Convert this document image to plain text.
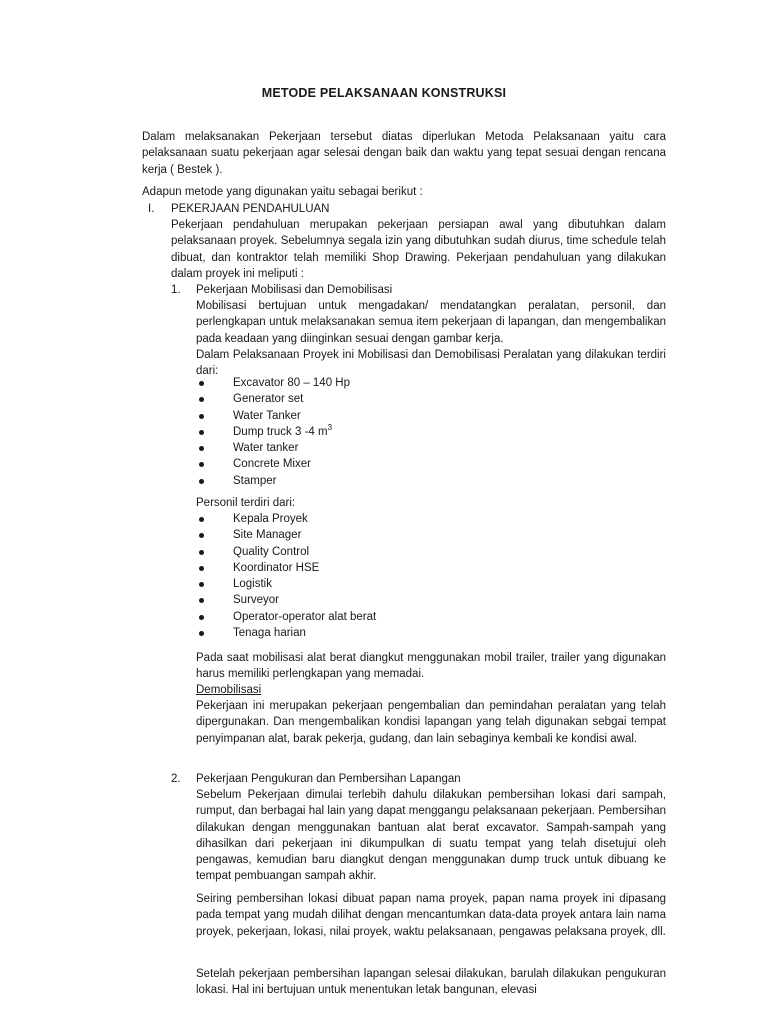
METODE PELAKSANAAN KONSTRUKSI
Dalam melaksanakan Pekerjaan tersebut diatas diperlukan Metoda Pelaksanaan yaitu cara pelaksanaan suatu pekerjaan agar selesai dengan baik dan waktu yang tepat sesuai dengan rencana kerja ( Bestek ).
Adapun metode yang digunakan yaitu sebagai berikut :
I. PEKERJAAN PENDAHULUAN
Pekerjaan pendahuluan merupakan pekerjaan persiapan awal yang dibutuhkan dalam pelaksanaan proyek. Sebelumnya segala izin yang dibutuhkan sudah diurus, time schedule telah dibuat, dan kontraktor telah memiliki Shop Drawing. Pekerjaan pendahuluan yang dilakukan dalam proyek ini meliputi :
1. Pekerjaan Mobilisasi dan Demobilisasi
Mobilisasi bertujuan untuk mengadakan/ mendatangkan peralatan, personil, dan perlengkapan untuk melaksanakan semua item pekerjaan di lapangan, dan mengembalikan pada keadaan yang diinginkan sesuai dengan gambar kerja.
Dalam Pelaksanaan Proyek ini Mobilisasi dan Demobilisasi Peralatan yang dilakukan terdiri dari:
Excavator 80 – 140 Hp
Generator set
Water Tanker
Dump truck 3 -4 $m^3$
Water tanker
Concrete Mixer
Stamper
Personil terdiri dari:
Kepala Proyek
Site Manager
Quality Control
Koordinator HSE
Logistik
Surveyor
Operator-operator alat berat
Tenaga harian
Pada saat mobilisasi alat berat diangkut menggunakan mobil trailer, trailer yang digunakan harus memiliki perlengkapan yang memadai.
Demobilisasi
Pekerjaan ini merupakan pekerjaan pengembalian dan pemindahan peralatan yang telah dipergunakan. Dan mengembalikan kondisi lapangan yang telah digunakan sebgai tempat penyimpanan alat, barak pekerja, gudang, dan lain sebaginya kembali ke kondisi awal.
2. Pekerjaan Pengukuran dan Pembersihan Lapangan
Sebelum Pekerjaan dimulai terlebih dahulu dilakukan pembersihan lokasi dari sampah, rumput, dan berbagai hal lain yang dapat menggangu pelaksanaan pekerjaan. Pembersihan dilakukan dengan menggunakan bantuan alat berat excavator. Sampah-sampah yang dihasilkan dari pekerjaan ini dikumpulkan di suatu tempat yang telah disetujui oleh pengawas, kemudian baru diangkut dengan menggunakan dump truck untuk dibuang ke tempat pembuangan sampah akhir.
Seiring pembersihan lokasi dibuat papan nama proyek, papan nama proyek ini dipasang pada tempat yang mudah dilihat dengan mencantumkan data-data proyek antara lain nama proyek, pekerjaan, lokasi, nilai proyek, waktu pelaksanaan, pengawas pelaksana proyek, dll.
Setelah pekerjaan pembersihan lapangan selesai dilakukan, barulah dilakukan pengukuran lokasi. Hal ini bertujuan untuk menentukan letak bangunan, elevasi
